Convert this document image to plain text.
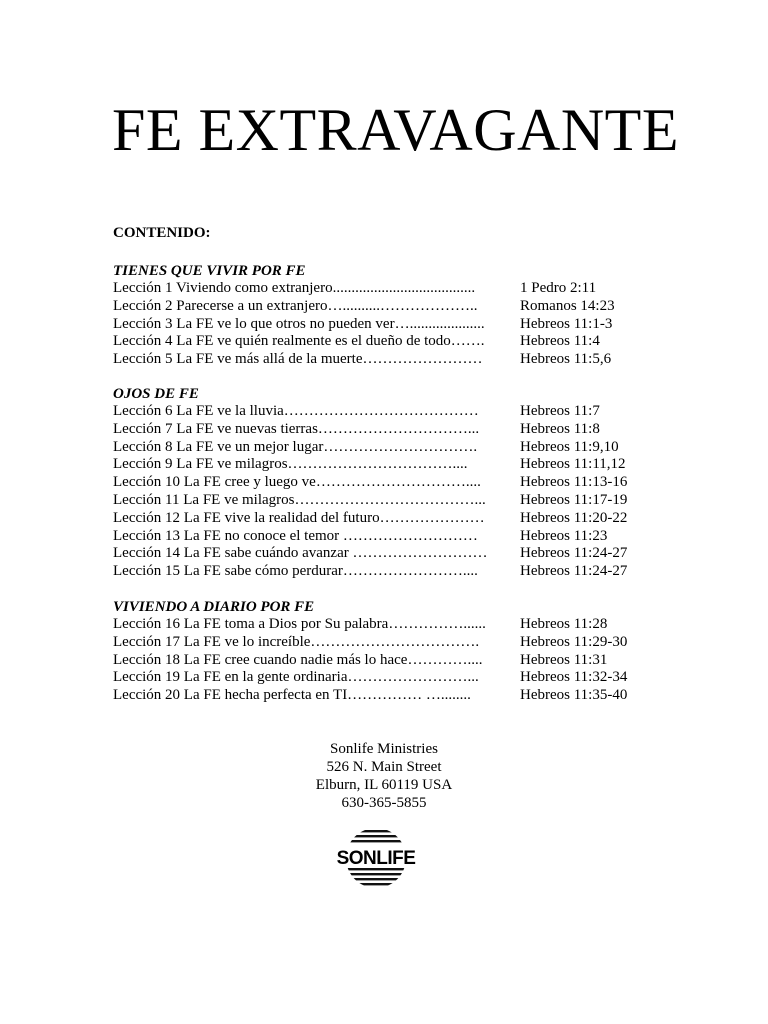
FE EXTRAVAGANTE
CONTENIDO:
TIENES QUE VIVIR POR FE
Lección 1 Viviendo como extranjero......................................	1 Pedro 2:11
Lección 2 Parecerse a un extranjero…..........………………..	Romanos 14:23
Lección 3 La FE ve lo que otros no pueden ver….................... Hebreos 11:1-3
Lección 4 La FE ve quién realmente es el dueño de todo……. Hebreos 11:4
Lección 5 La FE ve más allá de la muerte……………………	Hebreos 11:5,6
OJOS DE FE
Lección 6 La FE ve la lluvia…………………………………	Hebreos 11:7
Lección 7 La FE ve nuevas tierras…………………………...	Hebreos 11:8
Lección 8 La FE ve un mejor lugar………………………….	Hebreos 11:9,10
Lección 9 La FE ve milagros……………………………....	Hebreos 11:11,12
Lección 10 La FE cree y luego ve…………………………....	Hebreos 11:13-16
Lección 11 La FE ve milagros………………………………... Hebreos 11:17-19
Lección 12 La FE vive la realidad del futuro………………… Hebreos 11:20-22
Lección 13 La FE no conoce el temor ………………………	Hebreos 11:23
Lección 14 La FE sabe cuándo avanzar ……………………… Hebreos 11:24-27
Lección 15 La FE sabe cómo perdurar……………………....	Hebreos 11:24-27
VIVIENDO A DIARIO POR FE
Lección 16 La FE toma a Dios por Su palabra……………...... Hebreos 11:28
Lección 17 La FE ve lo increíble…………………………….	Hebreos 11:29-30
Lección 18 La FE cree cuando nadie más lo hace…………....	Hebreos 11:31
Lección 19 La FE en la gente ordinaria……………………...	Hebreos 11:32-34
Lección 20 La FE hecha perfecta en TI…………… …........	Hebreos 11:35-40
Sonlife Ministries
526 N. Main Street
Elburn, IL 60119 USA
630-365-5855
SONLIFE
